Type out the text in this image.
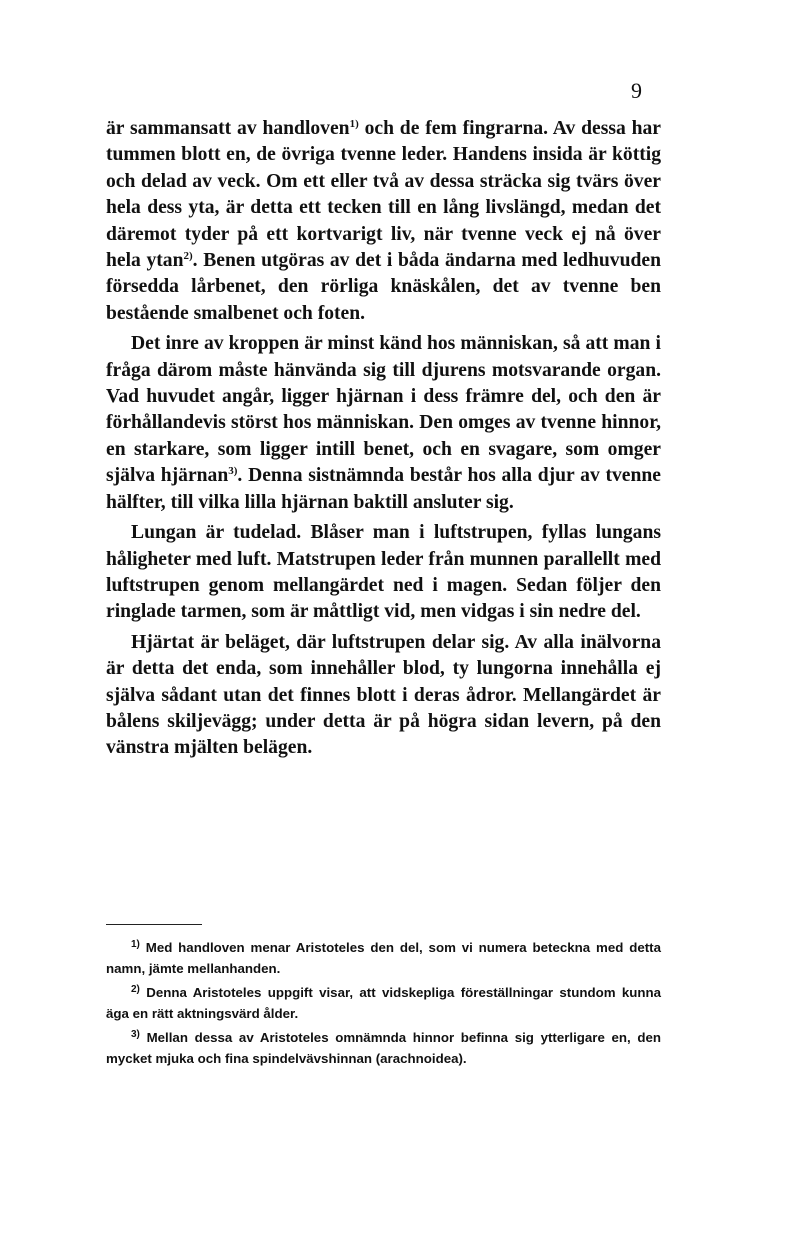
9

är sammansatt av handloven$^{1)}$ och de fem fingrarna. Av dessa har tummen blott en, de övriga tvenne leder. Handens insida är köttig och delad av veck. Om ett eller två av dessa sträcka sig tvärs över hela dess yta, är detta ett tecken till en lång livslängd, medan det däremot tyder på ett kortvarigt liv, när tvenne veck ej nå över hela ytan$^{2)}$. Benen utgöras av det i båda ändarna med ledhuvuden försedda lårbenet, den rörliga knäskålen, det av tvenne ben bestående smalbenet och foten.

Det inre av kroppen är minst känd hos människan, så att man i fråga därom måste hänvända sig till djurens motsvarande organ. Vad huvudet angår, ligger hjärnan i dess främre del, och den är förhållandevis störst hos människan. Den omges av tvenne hinnor, en starkare, som ligger intill benet, och en svagare, som omger själva hjärnan$^{3)}$. Denna sistnämnda består hos alla djur av tvenne hälfter, till vilka lilla hjärnan baktill ansluter sig.

Lungan är tudelad. Blåser man i luftstrupen, fyllas lungans håligheter med luft. Matstrupen leder från munnen parallellt med luftstrupen genom mellangärdet ned i magen. Sedan följer den ringlade tarmen, som är måttligt vid, men vidgas i sin nedre del.

Hjärtat är beläget, där luftstrupen delar sig. Av alla inälvorna är detta det enda, som innehåller blod, ty lungorna innehålla ej själva sådant utan det finnes blott i deras ådror. Mellangärdet är bålens skiljevägg; under detta är på högra sidan levern, på den vänstra mjälten belägen.

$^{1)}$ Med handloven menar Aristoteles den del, som vi numera beteckna med detta namn, jämte mellanhanden.

$^{2)}$ Denna Aristoteles uppgift visar, att vidskepliga föreställningar stundom kunna äga en rätt aktningsvärd ålder.

$^{3)}$ Mellan dessa av Aristoteles omnämnda hinnor befinna sig ytterligare en, den mycket mjuka och fina spindelvävshinnan (arachnoidea).
